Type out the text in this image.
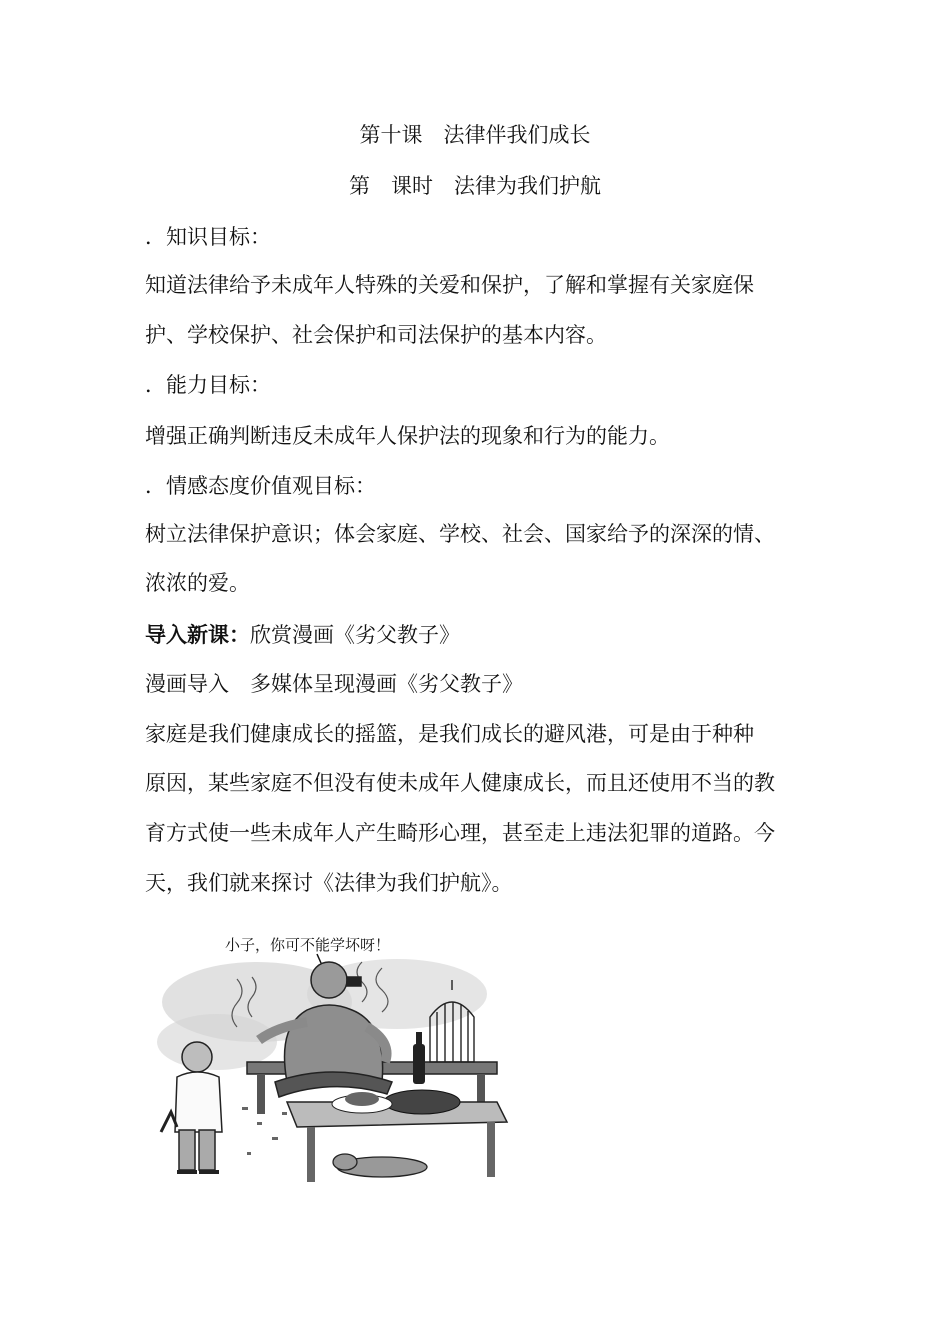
第十课　法律伴我们成长
第　课时　法律为我们护航
．知识目标：
知道法律给予未成年人特殊的关爱和保护，了解和掌握有关家庭保
护、学校保护、社会保护和司法保护的基本内容。
．能力目标：
增强正确判断违反未成年人保护法的现象和行为的能力。
．情感态度价值观目标：
树立法律保护意识；体会家庭、学校、社会、国家给予的深深的情、
浓浓的爱。
导入新课：欣赏漫画《劣父教子》
漫画导入　多媒体呈现漫画《劣父教子》
家庭是我们健康成长的摇篮，是我们成长的避风港，可是由于种种
原因，某些家庭不但没有使未成年人健康成长，而且还使用不当的教
育方式使一些未成年人产生畸形心理，甚至走上违法犯罪的道路。今
天，我们就来探讨《法律为我们护航》。
小子，你可不能学坏呀！
